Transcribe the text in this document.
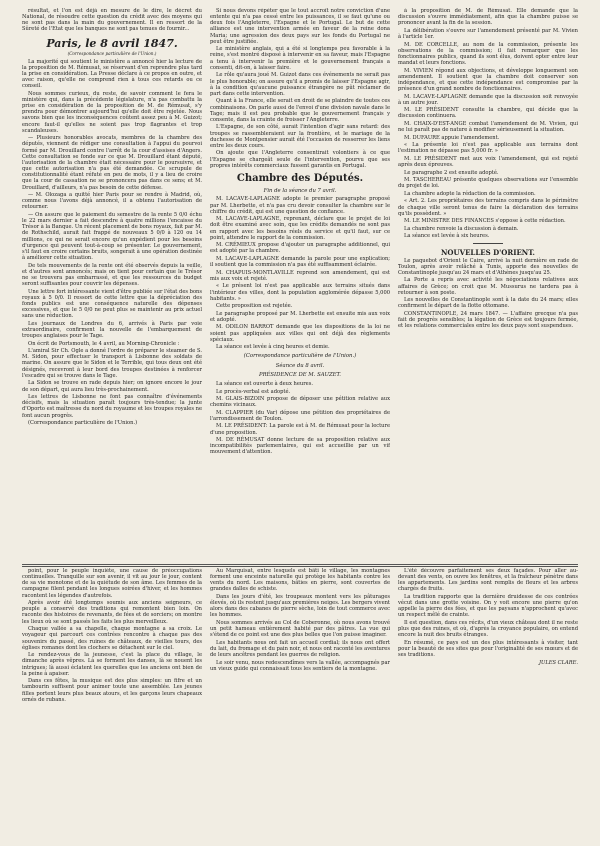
résultat, et l'on est déjà en mesure de le dire, le décret du National, de résoudre cette question du crédit avec des moyens qui ne sont pas dans la main du gouvernement. Il en ressort de la Sûreté de l'Etat que les banques ne sont pas tenues de fournir...

Paris, le 8 avril 1847.
(Correspondance particulière de l'Union.)

La majorité qui soutient le ministère a annoncé hier la lecture de la proposition de M. Rémusat, se réservant d'en reprendre plus tard la prise en considération. La Presse déclare à ce propos en outre, et avec raison, qu'elle ne comprend rien à tous ces retards ou ce conseil.

Nous sommes curieux, du reste, de savoir comment le fera le ministère qui, dans la précédente législature, n'a pas combattu la prise en considération de la proposition de M. de Rémusat, s'y prendra pour démontrer aujourd'hui qu'elle doit être rejetée. Nous savons bien que les inconséquences coûtent assez peu à M. Guizot; encore faut-il qu'elles ne soient pas trop flagrantes et trop scandaleuses.

— Plusieurs honorables avocats, membres de la chambre des députés, viennent de rédiger une consultation à l'appui du pourvoi formé par M. Drouillard contre l'arrêt de la cour d'assises d'Angers. Cette consultation se fonde sur ce que M. Drouillard étant député, l'autorisation de la chambre était nécessaire pour le poursuivre, et que cette autorisation n'a pas été demandée. Ce scrupule de constitutionnalité étant réfuté en peu de mots, il y a lieu de croire que la cour de cassation ne se prononcera pas dans ce sens; et M. Drouillard, d'ailleurs, n'a pas besoin de cette défense.

— M. Olozaga a quitté hier Paris pour se rendre à Madrid, où, comme nous l'avons déjà annoncé, il a obtenu l'autorisation de retourner.

— On assure que le paiement du semestre de la rente 5 0/0 échu le 22 mars dernier a fait descendre à quatre millions l'encaisse du Trésor à la Banque. Un récent placement de bons royaux, fait par M. de Rothschild, aurait fait frappé de nouveaux 5 0/0 à 120 ou 14 millions, ce qui ne serait encore qu'un expédient pour les besoins d'urgence qui peuvent tout-à-coup se présenter. Le gouvernement, s'il faut en croire certains bruits, songerait à une opération destinée à améliorer cette situation.

De tels mouvements de la rente ont été observés depuis la veille, et d'autres sont annoncés; mais on tient pour certain que le Trésor ne se trouvera pas embarrassé, et que les ressources du budget seront suffisantes pour couvrir les dépenses.

Une lettre fort intéressante vient d'être publiée sur l'état des bons royaux à 5 0/0. Il ressort de cette lettre que la dépréciation des fonds publics est une conséquence naturelle des dépenses excessives, et que le 5 0/0 ne peut plus se maintenir au prix actuel sans une réduction.

Les journaux de Londres du 6, arrivés à Paris par voie extraordinaire, confirment la nouvelle de l'embarquement de troupes anglaises pour le Tage.

On écrit de Portsmouth, le 4 avril, au Morning-Chronicle :

L'amiral Sir Ch. Ogle a donné l'ordre de préparer le steamer de S. M. Sidon, pour effectuer le transport à Lisbonne des soldats de marine. On assure que le Sidon et le Terrible, qui tous deux ont été désignés, recevront à leur bord des troupes destinées à renforcer l'escadre qui se trouve dans le Tage.

La Sidon se trouve en rade depuis hier; on ignore encore le jour de son départ, qui aura lieu très-prochainement.

Les lettres de Lisbonne ne font pas connaître d'événements décisifs, mais la situation paraît toujours très-tendue; la junte d'Oporto est maîtresse du nord du royaume et les troupes royales ne font aucun progrès.

(Correspondance particulière de l'Union.)

Si nous devons répéter que le tout accroît notre conviction d'une entente qui n'a pas cessé entre les puissances, il se faut qu'une ou deux fois l'Angleterre, l'Espagne et le Portugal. Le but de cette alliance est une intervention armée en faveur de la reine dona Maria; une agression des deux pays sur les fonds du Portugal ne peut être justifiée.

Le ministère anglais, qui a été si longtemps peu favorable à la reine, s'est montré disposé à intervenir en sa faveur, mais l'Espagne a tenu à intervenir la première et le gouvernement français a consenti, dit-on, à laisser faire.

Le rôle qu'aura joué M. Guizot dans ces événements ne serait pas le plus honorable; on assure qu'il a promis de laisser l'Espagne agir, à la condition qu'aucune puissance étrangère ne pût réclamer de part dans cette intervention.

Quant à la France, elle serait en droit de se plaindre de toutes ces combinaisons. On parle aussi de l'envoi d'une division navale dans le Tage; mais il est peu probable que le gouvernement français y consente, dans la crainte de froisser l'Angleterre.

L'Espagne, de son côté, aurait l'intention d'agir sans retard: des troupes se rassembleraient sur la frontière, et le mariage de la duchesse de Montpensier aurait été l'occasion de resserrer les liens entre les deux cours.

On ajoute que l'Angleterre consentirait volontiers à ce que l'Espagne se chargeât seule de l'intervention, pourvu que ses propres intérêts commerciaux fussent garantis en Portugal.

Chambre des Députés.
Fin de la séance du 7 avril.

M. LACAVE-LAPLAGNE adopte le premier paragraphe proposé par M. Lherbette, et n'a pas cru devoir consulter la chambre sur le chiffre du crédit, qui est une question de confiance.

M. LACAVE-LAPLAGNE, reprenant, déclare que le projet de loi doit être examiné avec soin, que les crédits demandés ne sont pas en rapport avec les besoins réels du service et qu'il faut, sur ce point, attendre le rapport de la commission.

M. CRÉMIEUX propose d'ajouter un paragraphe additionnel, qui est adopté par la chambre.

M. LACAVE-LAPLAGNE demande la parole pour une explication; il soutient que la commission n'a pas été suffisamment éclairée.

M. CHAPUIS-MONTLAVILLE reprend son amendement, qui est mis aux voix et rejeté.

« Le présent loi n'est pas applicable aux terrains situés dans l'intérieur des villes, dont la population agglomérée dépasse 5,000 habitants. »

Cette proposition est rejetée.

Le paragraphe proposé par M. Lherbette est ensuite mis aux voix et adopté.

M. ODILON BARROT demande que les dispositions de la loi ne soient pas appliquées aux villes qui ont déjà des règlements spéciaux.

La séance est levée à cinq heures et demie.

(Correspondance particulière de l'Union.)
Séance du 8 avril.
PRÉSIDENCE DE M. SAUZET.

La séance est ouverte à deux heures.

Le procès-verbal est adopté.

M. GLAIS-BIZOIN propose de déposer une pétition relative aux chemins vicinaux.

M. CLAPPIER (du Var) dépose une pétition des propriétaires de l'arrondissement de Toulon.

M. LE PRÉSIDENT: La parole est à M. de Rémusat pour la lecture d'une proposition.

M. DE RÉMUSAT donne lecture de sa proposition relative aux incompatibilités parlementaires, qui est accueillie par un vif mouvement d'attention.

à la proposition de M. de Rémusat. Elle demande que la discussion s'ouvre immédiatement, afin que la chambre puisse se prononcer avant la fin de la session.

La délibération s'ouvre sur l'amendement présenté par M. Vivien à l'article 1er.

M. DE CORCELLE, au nom de la commission, présente les observations de la commission; il fait remarquer que les fonctionnaires publics, quand ils sont élus, doivent opter entre leur mandat et leurs fonctions.

M. VIVIEN répond aux objections, et développe longuement son amendement. Il soutient que la chambre doit conserver son indépendance, et que cette indépendance est compromise par la présence d'un grand nombre de fonctionnaires.

M. LACAVE-LAPLAGNE demande que la discussion soit renvoyée à un autre jour.

M. LE PRÉSIDENT consulte la chambre, qui décide que la discussion continuera.

M. CHAIX-D'EST-ANGE combat l'amendement de M. Vivien, qui ne lui paraît pas de nature à modifier sérieusement la situation.

M. DUFAURE appuie l'amendement.

« La présente loi n'est pas applicable aux terrains dont l'estimation ne dépasse pas 5,000 fr. »

M. LE PRÉSIDENT met aux voix l'amendement, qui est rejeté après deux épreuves.

Le paragraphe 2 est ensuite adopté.

M. TASCHEREAU présente quelques observations sur l'ensemble du projet de loi.

La chambre adopte la rédaction de la commission.

« Art. 2. Les propriétaires des terrains compris dans le périmètre de chaque ville seront tenus de faire la déclaration des terrains qu'ils possèdent. »

M. LE MINISTRE DES FINANCES s'oppose à cette rédaction.

La chambre renvoie la discussion à demain.

La séance est levée à six heures.

NOUVELLES D'ORIENT.

Le paquebot d'Orient le Caire, arrivé la nuit dernière en rade de Toulon, après avoir relâché à Tunis, apporte des nouvelles de Constantinople jusqu'au 24 mars et d'Athènes jusqu'au 25.

La Porte a repris avec activité les négociations relatives aux affaires de Grèce; on croit que M. Mussurus ne tardera pas à retourner à son poste.

Les nouvelles de Constantinople sont à la date du 24 mars; elles confirment le départ de la flotte ottomane.

CONSTANTINOPLE, 24 mars 1847. — L'affaire grecque n'a pas fait de progrès sensibles; la légation de Grèce est toujours fermée, et les relations commerciales entre les deux pays sont suspendues.

point, pour le peuple inquiète, une cause de préoccupations continuelles. Tranquille sur son avenir, il vit au jour le jour, content de sa vie monotone et de la quiétude de son âme. Les femmes de la campagne filent pendant les longues soirées d'hiver, et les hommes racontent les légendes d'autrefois.

Après avoir été longtemps soumis aux anciens seigneurs, ce peuple a conservé des traditions qui remontent bien loin. On raconte des histoires de revenants, de fées et de sorciers; on montre les lieux où se sont passés les faits les plus merveilleux.

Chaque vallée a sa chapelle, chaque montagne a sa croix. Le voyageur qui parcourt ces contrées rencontre à chaque pas des souvenirs du passé, des ruines de châteaux, de vieilles tours, des églises romanes dont les clochers se détachent sur le ciel.

Le rendez-vous de la jeunesse, c'est la place du village, le dimanche après vêpres. Là se forment les danses, là se nouent les intrigues; là aussi éclatent les querelles que les anciens ont bien de la peine à apaiser.

Dans ces fêtes, la musique est des plus simples: un fifre et un tambourin suffisent pour animer toute une assemblée. Les jeunes filles portent leurs plus beaux atours, et les garçons leurs chapeaux ornés de rubans.

Au Marquisat, entre lesquels est bâti le village, les montagnes forment une enceinte naturelle qui protège les habitants contre les vents du nord. Les maisons, bâties en pierre, sont couvertes de grandes dalles de schiste.

Dans les jours d'été, les troupeaux montent vers les pâturages élevés, où ils restent jusqu'aux premières neiges. Les bergers vivent alors dans des cabanes de pierre sèche, loin de tout commerce avec les hommes.

Nous sommes arrivés au Col de Coberonne, où nous avons trouvé un petit hameau entièrement habité par des pâtres. La vue qui s'étend de ce point est une des plus belles que l'on puisse imaginer.

Les habitants nous ont fait un accueil cordial; ils nous ont offert du lait, du fromage et du pain noir, et nous ont raconté les aventures de leurs ancêtres pendant les guerres de religion.

Le soir venu, nous redescendîmes vers la vallée, accompagnés par un vieux guide qui connaissait tous les sentiers de la montagne.

L'été découvre parfaitement ses deux façades. Pour aller au-devant des vents, on ouvre les fenêtres, et la fraîcheur pénètre dans les appartements. Les jardins sont remplis de fleurs et les arbres chargés de fruits.

La tradition rapporte que la dernière druidesse de ces contrées vécut dans une grotte voisine. On y voit encore une pierre qu'on appelle la pierre des fées, et que les paysans n'approchent qu'avec un respect mêlé de crainte.

Il est question, dans ces récits, d'un vieux château dont il ne reste plus que des ruines, et où, d'après la croyance populaire, on entend encore la nuit des bruits étranges.

En résumé, ce pays est un des plus intéressants à visiter, tant pour la beauté de ses sites que pour l'originalité de ses mœurs et de ses traditions.

JULES CLARE.
